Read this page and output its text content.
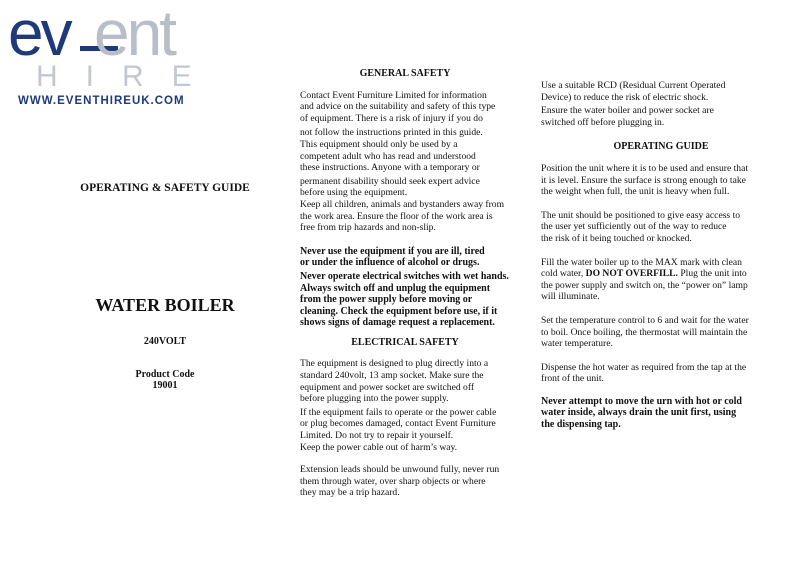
ev ent
HIRE
WWW.EVENTHIREUK.COM
OPERATING & SAFETY GUIDE
WATER BOILER
240VOLT
Product Code
19001

GENERAL SAFETY

Contact Event Furniture Limited for information

and advice on the suitability and safety of this type

of equipment. There is a risk of injury if you do

not follow the instructions printed in this guide.

This equipment should only be used by a

competent adult who has read and understood

these instructions. Anyone with a temporary or

permanent disability should seek expert advice

before using the equipment.

Keep all children, animals and bystanders away from

the work area. Ensure the floor of the work area is

free from trip hazards and non-slip.

Never use the equipment if you are ill, tired

or under the influence of alcohol or drugs.

Never operate electrical switches with wet hands.

Always switch off and unplug the equipment

from the power supply before moving or

cleaning. Check the equipment before use, if it

shows signs of damage request a replacement.

ELECTRICAL SAFETY

The equipment is designed to plug directly into a

standard 240volt, 13 amp socket. Make sure the

equipment and power socket are switched off

before plugging into the power supply.

If the equipment fails to operate or the power cable

or plug becomes damaged, contact Event Furniture

Limited. Do not try to repair it yourself.

Keep the power cable out of harm’s way.

Extension leads should be unwound fully, never run

them through water, over sharp objects or where

they may be a trip hazard.

Use a suitable RCD (Residual Current Operated

Device) to reduce the risk of electric shock.

Ensure the water boiler and power socket are

switched off before plugging in.

OPERATING GUIDE

Position the unit where it is to be used and ensure that

it is level. Ensure the surface is strong enough to take

the weight when full, the unit is heavy when full.

The unit should be positioned to give easy access to

the user yet sufficiently out of the way to reduce

the risk of it being touched or knocked.

Fill the water boiler up to the MAX mark with clean

cold water, DO NOT OVERFILL. Plug the unit into

the power supply and switch on, the “power on” lamp

will illuminate.

Set the temperature control to 6 and wait for the water

to boil. Once boiling, the thermostat will maintain the

water temperature.

Dispense the hot water as required from the tap at the

front of the unit.

Never attempt to move the urn with hot or cold

water inside, always drain the unit first, using

the dispensing tap.
